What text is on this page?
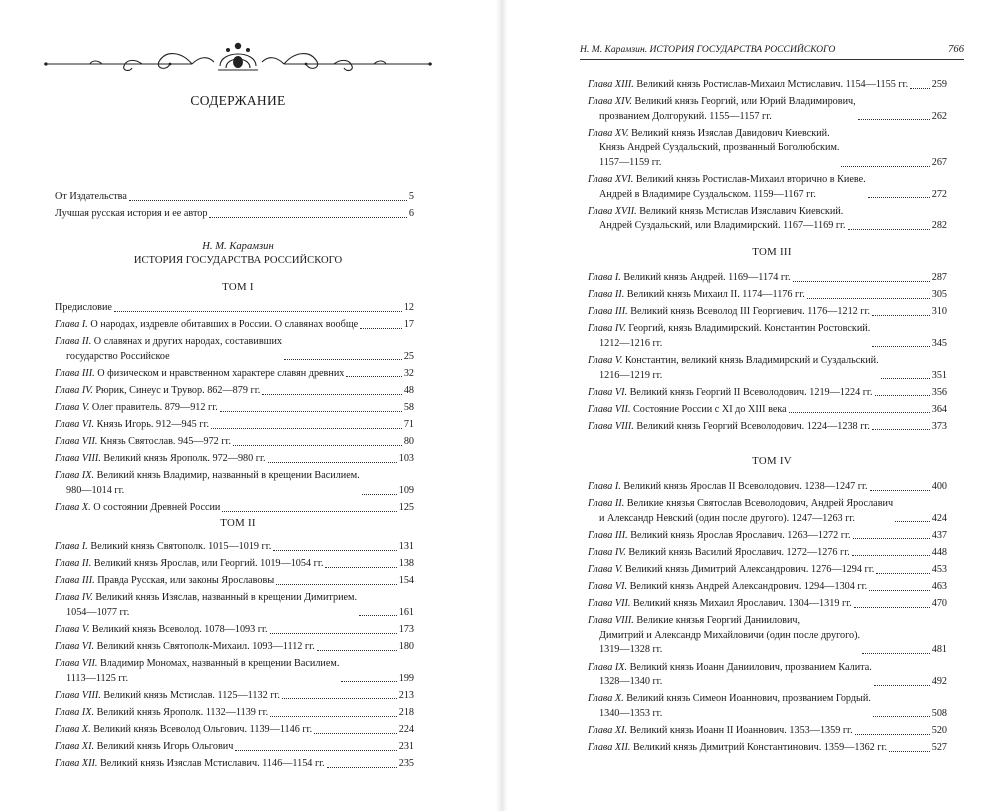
СОДЕРЖАНИЕ
От Издательства	5
Лучшая русская история и ее автор	6
Н. М. Карамзин
ИСТОРИЯ ГОСУДАРСТВА РОССИЙСКОГО
ТОМ I
Предисловие	12
Глава I. О народах, издревле обитавших в России. О славянах вообще	17
Глава II. О славянах и других народах, составивших
государство Российское	25
Глава III. О физическом и нравственном характере славян древних	32
Глава IV. Рюрик, Синеус и Трувор. 862—879 гг.	48
Глава V. Олег правитель. 879—912 гг.	58
Глава VI. Князь Игорь. 912—945 гг.	71
Глава VII. Князь Святослав. 945—972 гг.	80
Глава VIII. Великий князь Ярополк. 972—980 гг.	103
Глава IX. Великий князь Владимир, названный в крещении Василием.
980—1014 гг.	109
Глава X. О состоянии Древней России	125
ТОМ II
Глава I. Великий князь Святополк. 1015—1019 гг.	131
Глава II. Великий князь Ярослав, или Георгий. 1019—1054 гг.	138
Глава III. Правда Русская, или законы Ярославовы	154
Глава IV. Великий князь Изяслав, названный в крещении Димитрием.
1054—1077 гг.	161
Глава V. Великий князь Всеволод. 1078—1093 гг.	173
Глава VI. Великий князь Святополк-Михаил. 1093—1112 гг.	180
Глава VII. Владимир Мономах, названный в крещении Василием.
1113—1125 гг.	199
Глава VIII. Великий князь Мстислав. 1125—1132 гг.	213
Глава IX. Великий князь Ярополк. 1132—1139 гг.	218
Глава X. Великий князь Всеволод Ольгович. 1139—1146 гг.	224
Глава XI. Великий князь Игорь Ольгович	231
Глава XII. Великий князь Изяслав Мстиславич. 1146—1154 гг.	235
Н. М. Карамзин. ИСТОРИЯ ГОСУДАРСТВА РОССИЙСКОГО	766
Глава XIII. Великий князь Ростислав-Михаил Мстиславич. 1154—1155 гг. 259
Глава XIV. Великий князь Георгий, или Юрий Владимирович,
прозванием Долгорукий. 1155—1157 гг.	262
Глава XV. Великий князь Изяслав Давидович Киевский.
Князь Андрей Суздальский, прозванный Боголюбским.
1157—1159 гг.	267
Глава XVI. Великий князь Ростислав-Михаил вторично в Киеве.
Андрей в Владимире Суздальском. 1159—1167 гг.	272
Глава XVII. Великий князь Мстислав Изяславич Киевский.
Андрей Суздальский, или Владимирский. 1167—1169 гг.	282
ТОМ III
Глава I. Великий князь Андрей. 1169—1174 гг.	287
Глава II. Великий князь Михаил II. 1174—1176 гг.	305
Глава III. Великий князь Всеволод III Георгиевич. 1176—1212 гг.	310
Глава IV. Георгий, князь Владимирский. Константин Ростовский.
1212—1216 гг.	345
Глава V. Константин, великий князь Владимирский и Суздальский.
1216—1219 гг.	351
Глава VI. Великий князь Георгий II Всеволодович. 1219—1224 гг.	356
Глава VII. Состояние России с XI до XIII века	364
Глава VIII. Великий князь Георгий Всеволодович. 1224—1238 гг.	373
ТОМ IV
Глава I. Великий князь Ярослав II Всеволодович. 1238—1247 гг.	400
Глава II. Великие князья Святослав Всеволодович, Андрей Ярославич
и Александр Невский (один после другого). 1247—1263 гг.	424
Глава III. Великий князь Ярослав Ярославич. 1263—1272 гг.	437
Глава IV. Великий князь Василий Ярославич. 1272—1276 гг.	448
Глава V. Великий князь Димитрий Александрович. 1276—1294 гг.	453
Глава VI. Великий князь Андрей Александрович. 1294—1304 гг.	463
Глава VII. Великий князь Михаил Ярославич. 1304—1319 гг.	470
Глава VIII. Великие князья Георгий Даниилович,
Димитрий и Александр Михайловичи (один после другого).
1319—1328 гг.	481
Глава IX. Великий князь Иоанн Даниилович, прозванием Калита.
1328—1340 гг.	492
Глава X. Великий князь Симеон Иоаннович, прозванием Гордый.
1340—1353 гг.	508
Глава XI. Великий князь Иоанн II Иоаннович. 1353—1359 гг.	520
Глава XII. Великий князь Димитрий Константинович. 1359—1362 гг.	527
